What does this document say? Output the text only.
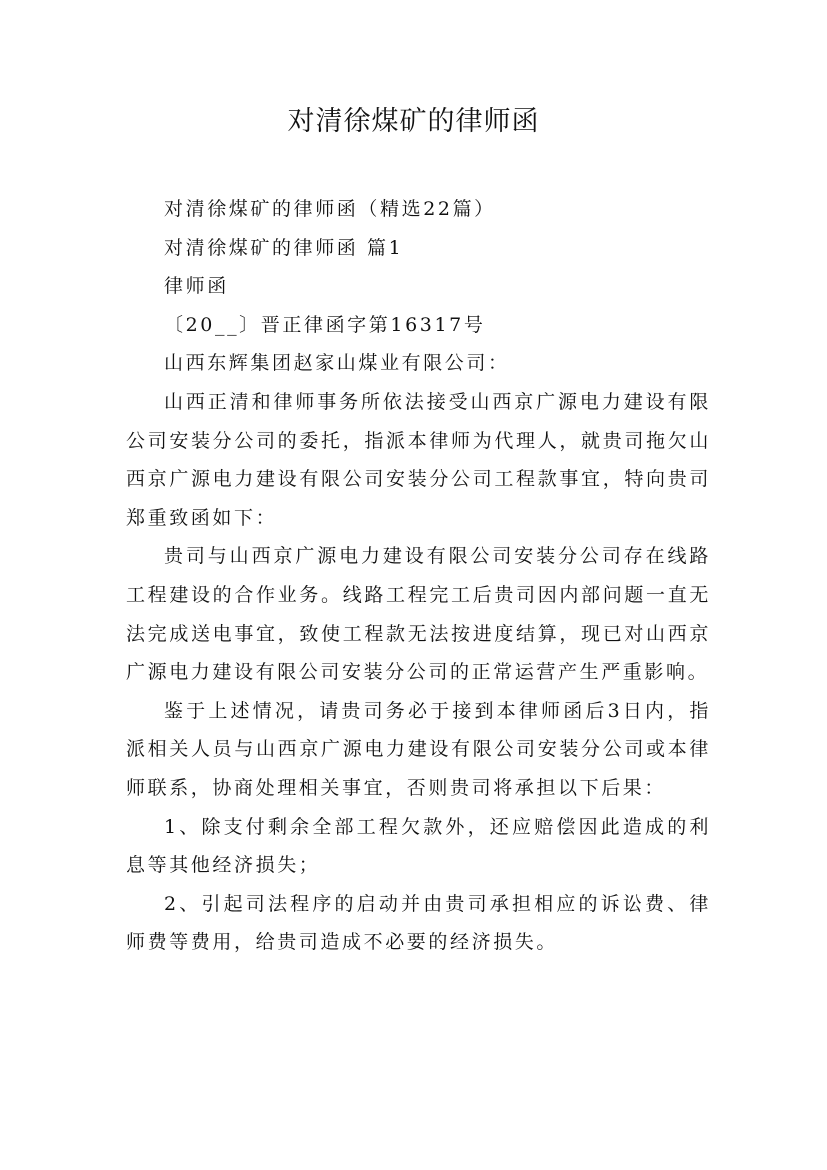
对清徐煤矿的律师函

对清徐煤矿的律师函（精选22篇）

对清徐煤矿的律师函 篇1

律师函

〔20__〕晋正律函字第16317号

山西东辉集团赵家山煤业有限公司：

山西正清和律师事务所依法接受山西京广源电力建设有限公司安装分公司的委托，指派本律师为代理人，就贵司拖欠山西京广源电力建设有限公司安装分公司工程款事宜，特向贵司郑重致函如下：

贵司与山西京广源电力建设有限公司安装分公司存在线路工程建设的合作业务。线路工程完工后贵司因内部问题一直无法完成送电事宜，致使工程款无法按进度结算，现已对山西京广源电力建设有限公司安装分公司的正常运营产生严重影响。

鉴于上述情况，请贵司务必于接到本律师函后3日内，指派相关人员与山西京广源电力建设有限公司安装分公司或本律师联系，协商处理相关事宜，否则贵司将承担以下后果：

1、除支付剩余全部工程欠款外，还应赔偿因此造成的利息等其他经济损失；

2、引起司法程序的启动并由贵司承担相应的诉讼费、律师费等费用，给贵司造成不必要的经济损失。
